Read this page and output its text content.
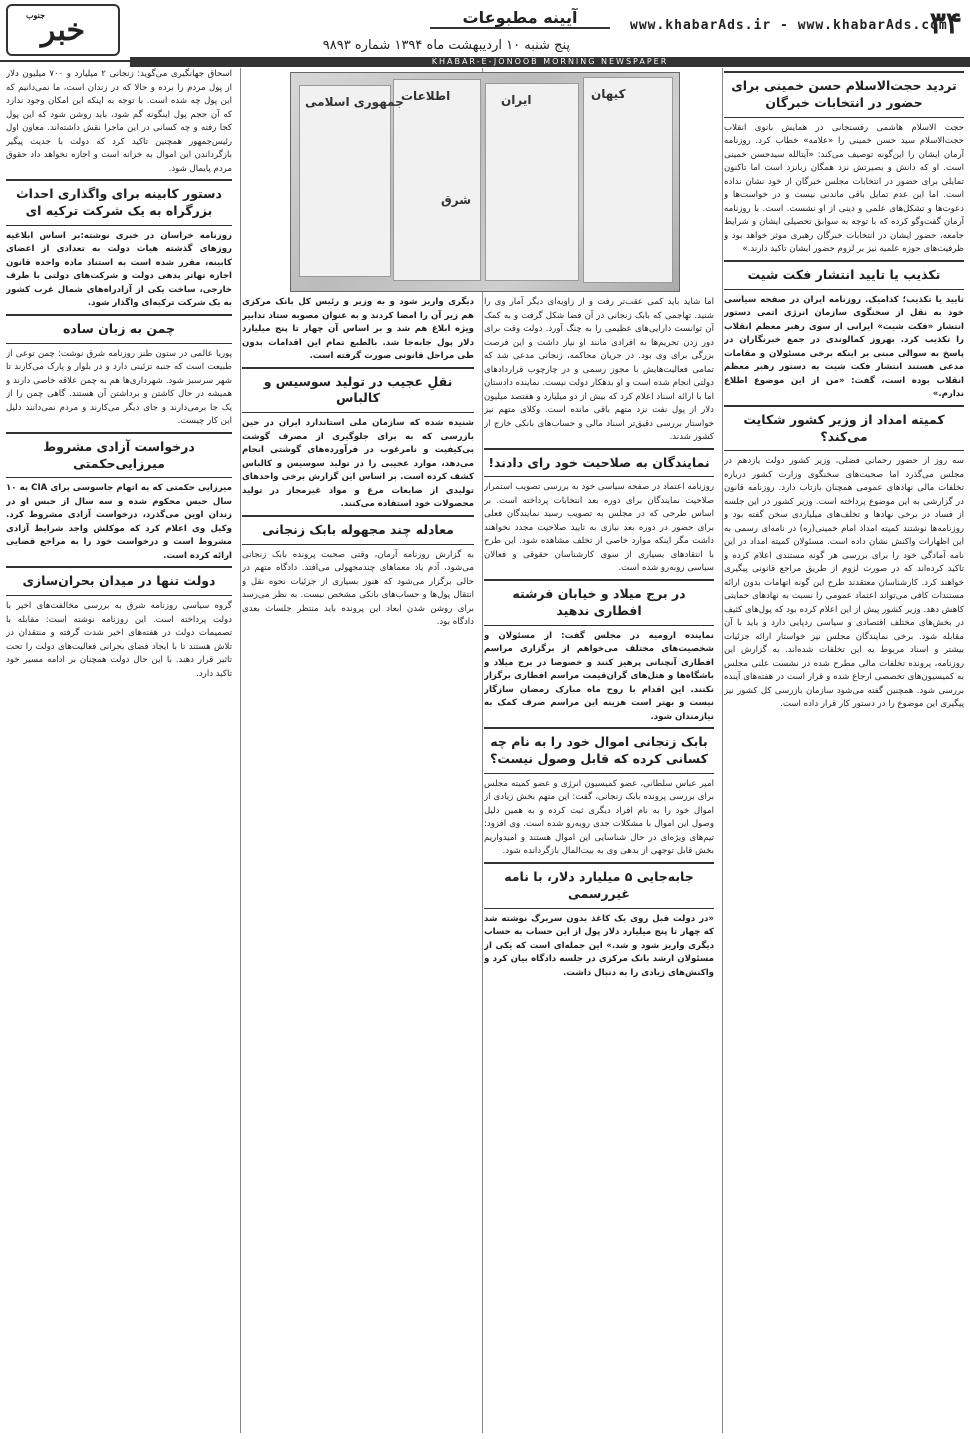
۳۴
www.khabarAds.ir - www.khabarAds.com
آیینه مطبوعات
پنج شنبه ۱۰ اردیبهشت ماه ۱۳۹۴ شماره ۹۸۹۳
جنوب
خبر
KHABAR-E-JONOOB MORNING NEWSPAPER
جمهوری اسلامی
اطلاعات	ایران	کیهان
شرق
تردید حجت‌الاسلام حسن خمینی برای حضور در انتخابات خبرگان
حجت الاسلام هاشمی رفسنجانی در همایش بانوی انقلاب حجت‌الاسلام سید حسن خمینی را «علامه» خطاب کرد. روزنامه آرمان ایشان را این‌گونه توصیف می‌کند: «آیتالله سیدحسن خمینی است. او که دانش و بصیرتش نزد همگان زبانزد است اما تاکنون تمایلی برای حضور در انتخابات مجلس خبرگان از خود نشان نداده است. اما این عدم تمایل باقی ماندنی نیست و در خواست‌ها و دعوت‌ها و تشکل‌های علمی و دینی از او نشست. است. با روزنامه آرمان گفت‌وگو کرده که با توجه به سوابق تحصیلی ایشان و شرایط جامعه، حضور ایشان در انتخابات خبرگان رهبری موثر خواهد بود و ظرفیت‌های حوزه علمیه نیز بر لزوم حضور ایشان تاکید دارند.»
تکذیب یا تایید انتشار فکت شیت
تایید یا تکذیب؛ کدامیک. روزنامه ایران در صفحه سیاسی خود به نقل از سخنگوی سازمان انرژی اتمی دستور انتشار «فکت شیت» ایرانی از سوی رهبر معظم انقلاب را تکذیب کرد. بهروز کمالوندی در جمع خبرنگاران در پاسخ به سوالی مبنی بر اینکه برخی مسئولان و مقامات مدعی هستند انتشار فکت شیت به دستور رهبر معظم انقلاب بوده است، گفت: «من از این موضوع اطلاع ندارم.»
کمیته امداد از وزیر کشور شکایت می‌کند؟
سه روز از حضور رحمانی فضلی، وزیر کشور دولت یازدهم در مجلس می‌گذرد اما صحبت‌های سخنگوی وزارت کشور درباره تخلفات مالی نهادهای عمومی همچنان بازتاب دارد. روزنامه قانون در گزارشی به این موضوع پرداخته است. وزیر کشور در این جلسه از فساد در برخی نهادها و تخلف‌های میلیاردی سخن گفته بود و روزنامه‌ها نوشتند کمیته امداد امام خمینی(ره) در نامه‌ای رسمی به این اظهارات واکنش نشان داده است. مسئولان کمیته امداد در این نامه آمادگی خود را برای بررسی هر گونه مستندی اعلام کرده و تاکید کرده‌اند که در صورت لزوم از طریق مراجع قانونی پیگیری خواهند کرد. کارشناسان معتقدند طرح این گونه اتهامات بدون ارائه مستندات کافی می‌تواند اعتماد عمومی را نسبت به نهادهای حمایتی کاهش دهد. وزیر کشور پیش از این اعلام کرده بود که پول‌های کثیف در بخش‌های مختلف اقتصادی و سیاسی ردپایی دارد و باید با آن مقابله شود. برخی نمایندگان مجلس نیز خواستار ارائه جزئیات بیشتر و اسناد مربوط به این تخلفات شده‌اند. به گزارش این روزنامه، پرونده تخلفات مالی مطرح شده در نشست علنی مجلس به کمیسیون‌های تخصصی ارجاع شده و قرار است در هفته‌های آینده بررسی شود. همچنین گفته می‌شود سازمان بازرسی کل کشور نیز پیگیری این موضوع را در دستور کار قرار داده است.
اما شاید باید کمی عقب‌تر رفت و از زاویه‌ای دیگر آمار وی را شنید. تهاجمی که بابک زنجانی در آن فضا شکل گرفت و به کمک آن توانست دارایی‌های عظیمی را به چنگ آورد. دولت وقت برای دور زدن تحریم‌ها به افرادی مانند او نیاز داشت و این فرصت بزرگی برای وی بود. در جریان محاکمه، زنجانی مدعی شد که تمامی فعالیت‌هایش با مجوز رسمی و در چارچوب قراردادهای دولتی انجام شده است و او بدهکار دولت نیست. نماینده دادستان اما با ارائه اسناد اعلام کرد که بیش از دو میلیارد و هفتصد میلیون دلار از پول نفت نزد متهم باقی مانده است. وکلای متهم نیز خواستار بررسی دقیق‌تر اسناد مالی و حساب‌های بانکی خارج از کشور شدند.
نمایندگان به صلاحیت خود رای دادند!
روزنامه اعتماد در صفحه سیاسی خود به بررسی تصویب استمرار صلاحیت نمایندگان برای دوره بعد انتخابات پرداخته است. بر اساس طرحی که در مجلس به تصویب رسید نمایندگان فعلی برای حضور در دوره بعد نیازی به تایید صلاحیت مجدد نخواهند داشت مگر اینکه موارد خاصی از تخلف مشاهده شود. این طرح با انتقادهای بسیاری از سوی کارشناسان حقوقی و فعالان سیاسی روبه‌رو شده است.
در برج میلاد و خیابان فرشته افطاری ندهید
نماینده ارومیه در مجلس گفت: از مسئولان و شخصیت‌های مختلف می‌خواهم از برگزاری مراسم افطاری آنچنانی پرهیز کنند و خصوصا در برج میلاد و باشگاه‌ها و هتل‌های گران‌قیمت مراسم افطاری برگزار نکنند. این اقدام با روح ماه مبارک رمضان سازگار نیست و بهتر است هزینه این مراسم صرف کمک به نیازمندان شود.
بابک زنجانی اموال خود را به نام چه کسانی کرده که قابل وصول نیست؟
امیر عباس سلطانی، عضو کمیسیون انرژی و عضو کمیته مجلس برای بررسی پرونده بابک زنجانی، گفت: این متهم بخش زیادی از اموال خود را به نام افراد دیگری ثبت کرده و به همین دلیل وصول این اموال با مشکلات جدی روبه‌رو شده است. وی افزود: تیم‌های ویژه‌ای در حال شناسایی این اموال هستند و امیدواریم بخش قابل توجهی از بدهی وی به بیت‌المال بازگردانده شود.
جابه‌جایی ۵ میلیارد دلار، با نامه غیررسمی
«در دولت قبل روی یک کاغذ بدون سربرگ نوشته شد که چهار تا پنج میلیارد دلار پول از این حساب به حساب دیگری واریز شود و شد.» این جمله‌ای است که یکی از مسئولان ارشد بانک مرکزی در جلسه دادگاه بیان کرد و واکنش‌های زیادی را به دنبال داشت.
دیگری واریز شود و به وزیر و رئیس کل بانک مرکزی هم زیر آن را امضا کردند و به عنوان مصوبه ستاد تدابیر ویژه ابلاغ هم شد و بر اساس آن چهار تا پنج میلیارد دلار پول جابه‌جا شد. بالطبع تمام این اقدامات بدون طی مراحل قانونی صورت گرفته است.
نقلِ عجیب در تولید سوسیس و کالباس
شنیده شده که سازمان ملی استاندارد ایران در حین بازرسی که به برای جلوگیری از مصرف گوشت بی‌کیفیت و نامرغوب در فرآورده‌های گوشتی انجام می‌دهد، موارد عجیبی را در تولید سوسیس و کالباس کشف کرده است. بر اساس این گزارش برخی واحدهای تولیدی از ضایعات مرغ و مواد غیرمجاز در تولید محصولات خود استفاده می‌کنند.
معادله چند مجهوله بابک زنجانی
به گزارش روزنامه آرمان، وقتی صحبت پرونده بابک زنجانی می‌شود، آدم یاد معماهای چندمجهولی می‌افتد. دادگاه متهم در حالی برگزار می‌شود که هنوز بسیاری از جزئیات نحوه نقل و انتقال پول‌ها و حساب‌های بانکی مشخص نیست. به نظر می‌رسد برای روشن شدن ابعاد این پرونده باید منتظر جلسات بعدی دادگاه بود.
اسحاق جهانگیری می‌گوید: زنجانی ۲ میلیارد و ۷۰۰ میلیون دلار از پول مردم را برده و حالا که در زندان است، ما نمی‌دانیم که این پول چه شده است. با توجه به اینکه این امکان وجود ندارد که آن حجم پول اینگونه گم شود، باید روشن شود که این پول کجا رفته و چه کسانی در این ماجرا نقش داشته‌اند. معاون اول رئیس‌جمهور همچنین تاکید کرد که دولت با جدیت پیگیر بازگرداندن این اموال به خزانه است و اجازه نخواهد داد حقوق مردم پایمال شود.
دستور کابینه برای واگذاری احداث بزرگراه به یک شرکت ترکیه ای
روزنامه خراسان در خبری نوشته:بر اساس ابلاغیه روزهای گذشته هیات دولت به تعدادی از اعضای کابینه، مقرر شده است به استناد ماده واحده قانون اجازه تهاتر بدهی دولت و شرکت‌های دولتی با طرف خارجی، ساخت یکی از آزادراه‌های شمال غرب کشور به یک شرکت ترکیه‌ای واگذار شود.
چمن به زبان ساده
پوریا عالمی در ستون طنز روزنامه شرق نوشت: چمن توعی از طبیعت است که جنبه تزئینی دارد و در بلوار و پارک می‌کارند تا شهر سرسبز شود. شهرداری‌ها هم به چمن علاقه خاصی دارند و همیشه در حال کاشتن و برداشتن آن هستند. گاهی چمن را از یک جا برمی‌دارند و جای دیگر می‌کارند و مردم نمی‌دانند دلیل این کار چیست.
درخواست آزادی مشروط میرزایی‌حکمتی
میرزایی حکمتی که به اتهام جاسوسی برای CIA به ۱۰ سال حبس محکوم شده و سه سال از حبس او در زندان اوین می‌گذرد، درخواست آزادی مشروط کرد. وکیل وی اعلام کرد که موکلش واجد شرایط آزادی مشروط است و درخواست خود را به مراجع قضایی ارائه کرده است.
دولت تنها در میدان بحران‌سازی
گروه سیاسی روزنامه شرق به بررسی مخالفت‌های اخیر با دولت پرداخته است. این روزنامه نوشته است: مقابله با تصمیمات دولت در هفته‌های اخیر شدت گرفته و منتقدان در تلاش هستند تا با ایجاد فضای بحرانی فعالیت‌های دولت را تحت تاثیر قرار دهند. با این حال دولت همچنان بر ادامه مسیر خود تاکید دارد.
